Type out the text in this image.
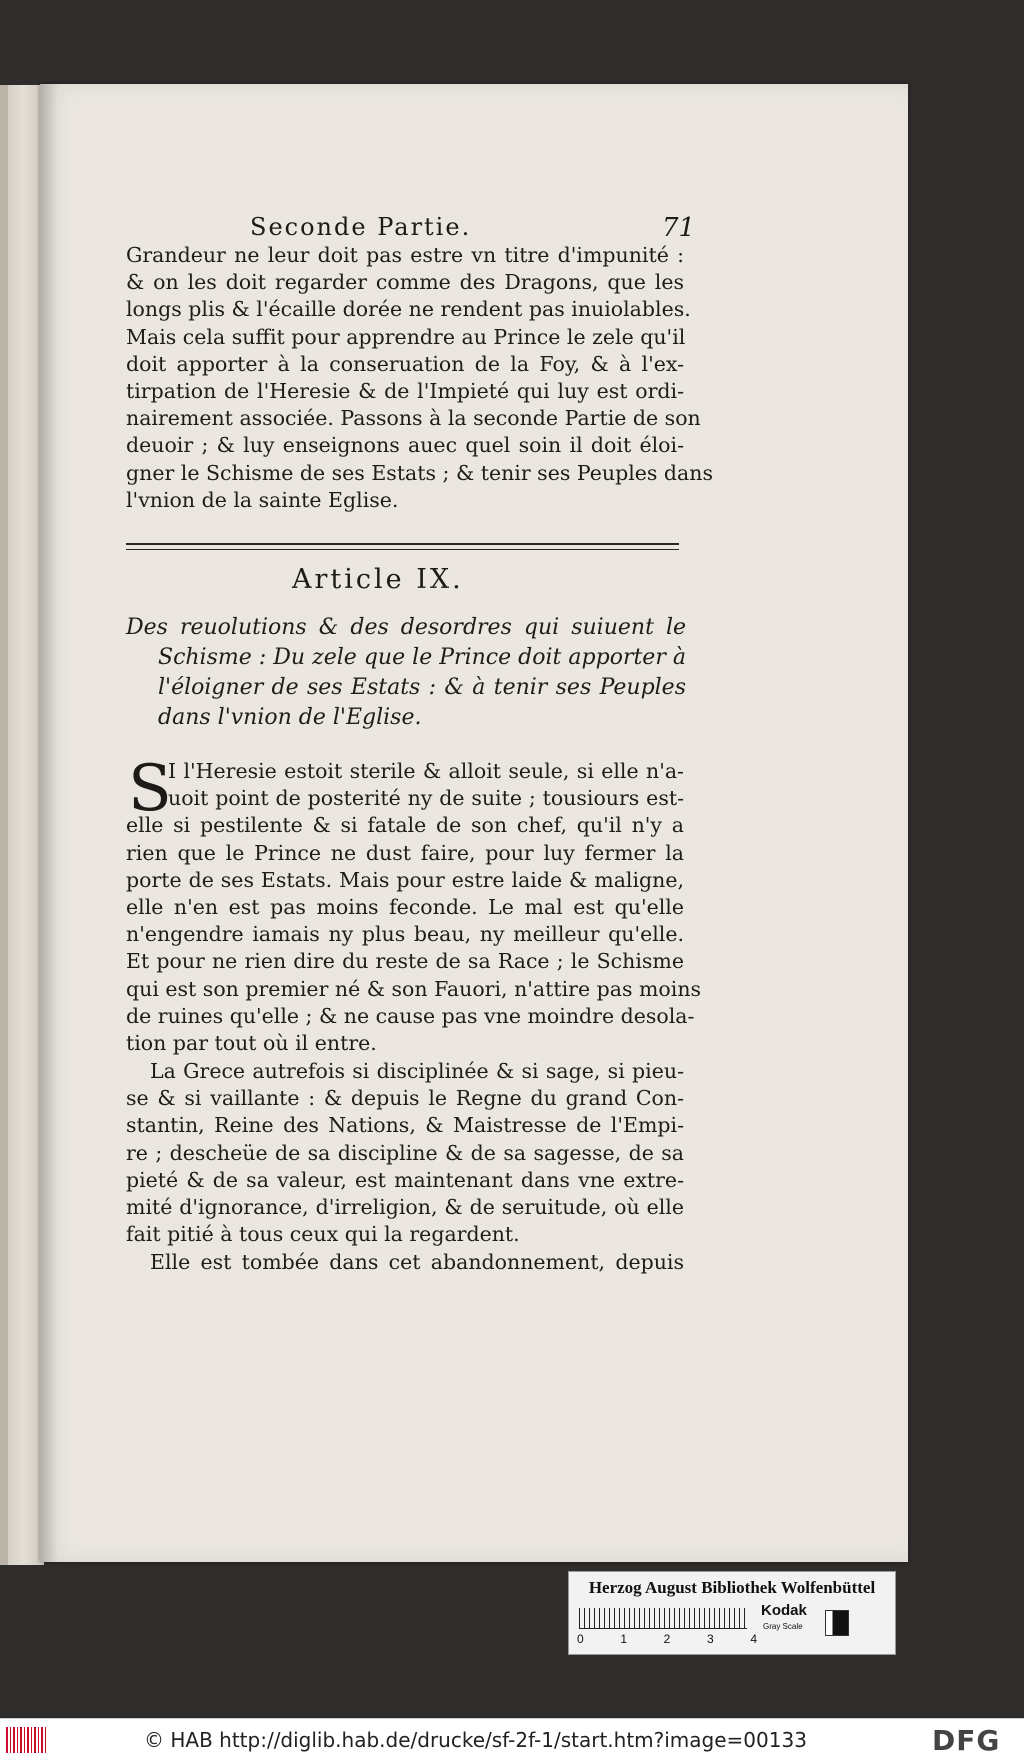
Seconde Partie.	71
Grandeur ne leur doit pas estre vn titre d'impunité :
& on les doit regarder comme des Dragons, que les
longs plis & l'écaille dorée ne rendent pas inuiolables.
Mais cela suffit pour apprendre au Prince le zele qu'il
doit apporter à la conseruation de la Foy, & à l'ex-
tirpation de l'Heresie & de l'Impieté qui luy est ordi-
nairement associée. Passons à la seconde Partie de son
deuoir ; & luy enseignons auec quel soin il doit éloi-
gner le Schisme de ses Estats ; & tenir ses Peuples dans
l'vnion de la sainte Eglise.
Article IX.
Des reuolutions & des desordres qui suiuent le
Schisme : Du zele que le Prince doit apporter à
l'éloigner de ses Estats : & à tenir ses Peuples
dans l'vnion de l'Eglise.
S
I l'Heresie estoit sterile & alloit seule, si elle n'a-
uoit point de posterité ny de suite ; tousiours est-
elle si pestilente & si fatale de son chef, qu'il n'y a
rien que le Prince ne dust faire, pour luy fermer la
porte de ses Estats. Mais pour estre laide & maligne,
elle n'en est pas moins feconde. Le mal est qu'elle
n'engendre iamais ny plus beau, ny meilleur qu'elle.
Et pour ne rien dire du reste de sa Race ; le Schisme
qui est son premier né & son Fauori, n'attire pas moins
de ruines qu'elle ; & ne cause pas vne moindre desola-
tion par tout où il entre.
La Grece autrefois si disciplinée & si sage, si pieu-
se & si vaillante : & depuis le Regne du grand Con-
stantin, Reine des Nations, & Maistresse de l'Empi-
re ; descheüe de sa discipline & de sa sagesse, de sa
pieté & de sa valeur, est maintenant dans vne extre-
mité d'ignorance, d'irreligion, & de seruitude, où elle
fait pitié à tous ceux qui la regardent.
Elle est tombée dans cet abandonnement, depuis
Herzog August Bibliothek Wolfenbüttel
0	1	2	3	4
Kodak
Gray Scale
© HAB http://diglib.hab.de/drucke/sf-2f-1/start.htm?image=00133	DFG
